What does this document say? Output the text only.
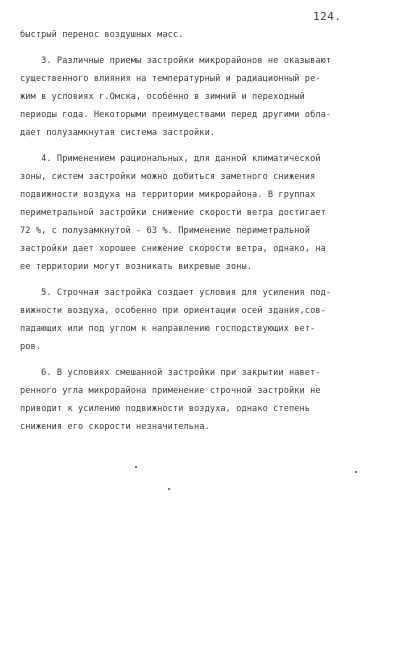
124.
быстрый перенос воздушных масс.
3. Различные приемы застройки микрорайонов не оказывают
существенного влияния на температурный и радиационный ре-
жим в условиях г.Омска, особенно в зимний и переходный
периоды года. Некоторыми преимуществами перед другими обла-
дает полузамкнутая система застройки.
4. Применением рациональных, для данной климатической
зоны, систем застройки можно добиться заметного снижения
подвижности воздуха на территории микрорайона. В группах
периметральной застройки снижение скорости ветра достигает
72 %, с полузамкнутой - 63 %. Применение периметральной
застройки дает хорошее снижение скорости ветра, однако, на
ее территории могут возникать вихревые зоны.
5. Строчная застройка создает условия для усиления под-
вижности воздуха, особенно при ориентации осей здания,сов-
падающих или под углом к направлению господствующих вет-
ров.
6. В условиях смешанной застройки при закрытии навет-
ренного угла микрорайона применение строчной застройки не
приводит к усилению подвижности воздуха, однако степень
снижения его скорости незначительна.
